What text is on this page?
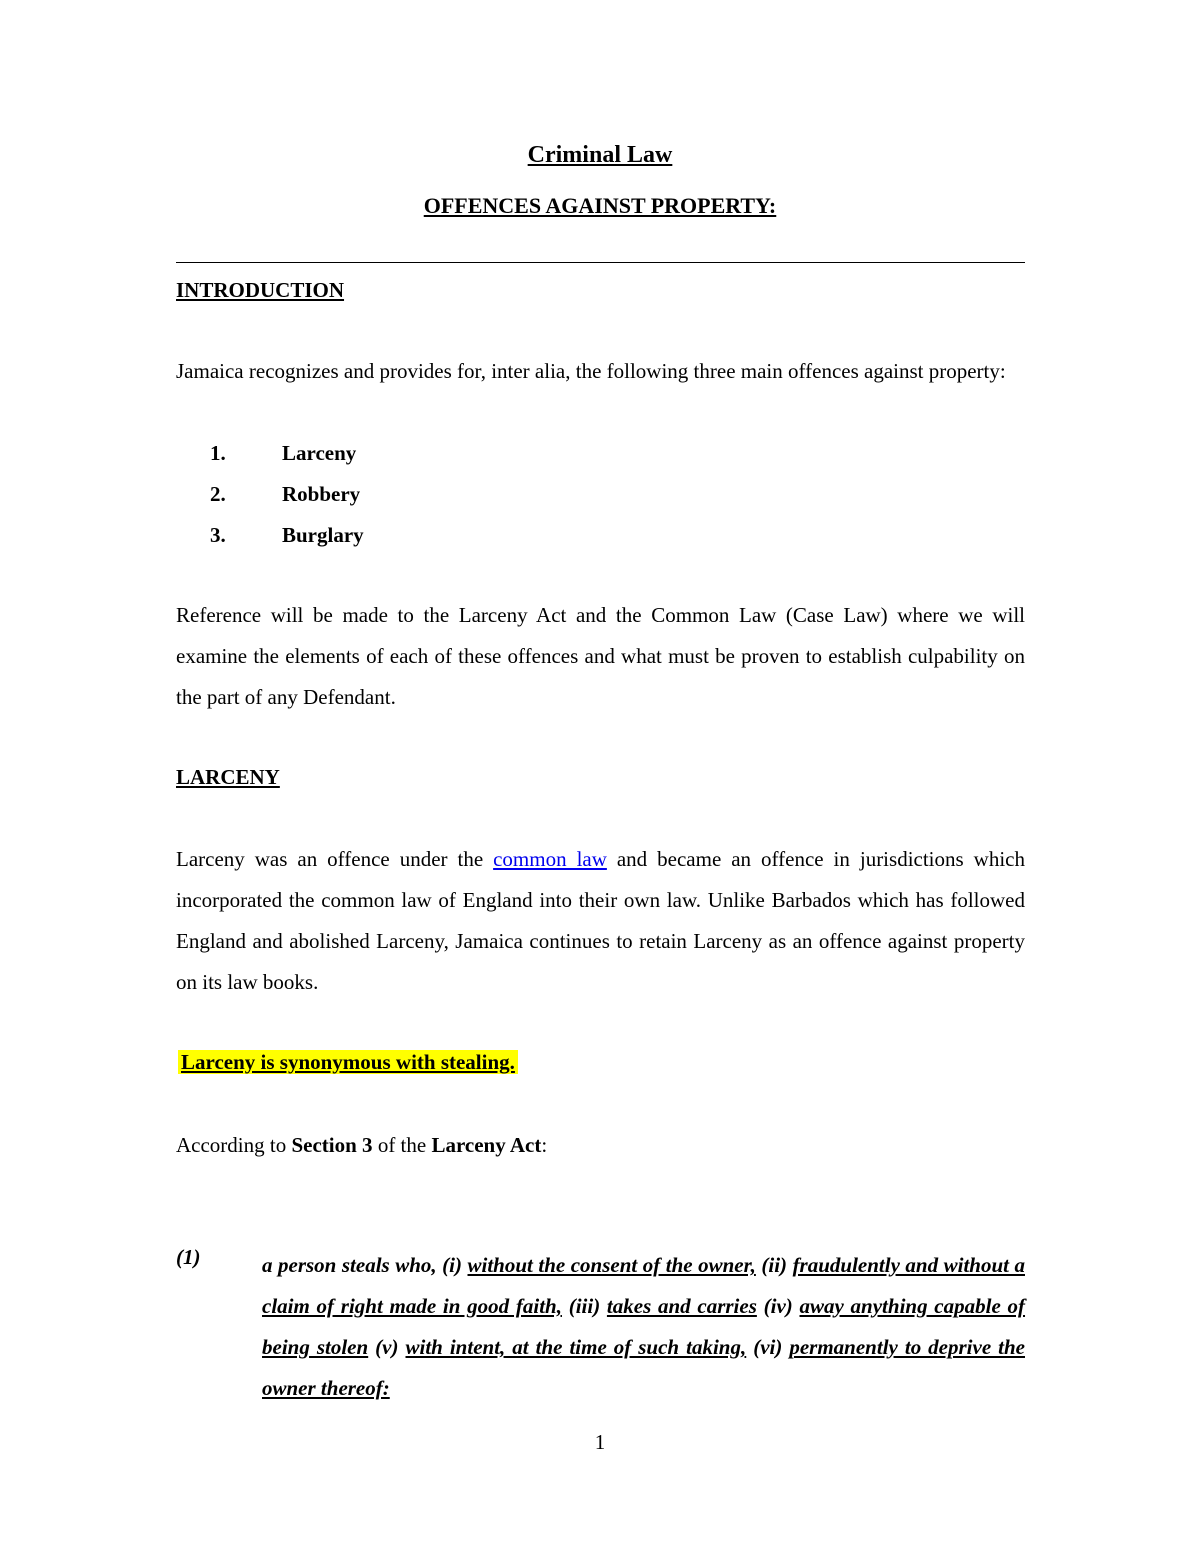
Criminal Law
OFFENCES AGAINST PROPERTY:
INTRODUCTION

Jamaica recognizes and provides for, inter alia, the following three main offences against property:

1.	Larceny
2.	Robbery
3.	Burglary

Reference will be made to the Larceny Act and the Common Law (Case Law) where we will examine the elements of each of these offences and what must be proven to establish culpability on the part of any Defendant.

LARCENY

Larceny was an offence under the common law and became an offence in jurisdictions which incorporated the common law of England into their own law. Unlike Barbados which has followed England and abolished Larceny, Jamaica continues to retain Larceny as an offence against property on its law books.

Larceny is synonymous with stealing.

According to Section 3 of the Larceny Act:

(1)	a person steals who, (i) without the consent of the owner, (ii) fraudulently and without a claim of right made in good faith, (iii) takes and carries (iv) away anything capable of being stolen (v) with intent, at the time of such taking, (vi) permanently to deprive the owner thereof:

1
